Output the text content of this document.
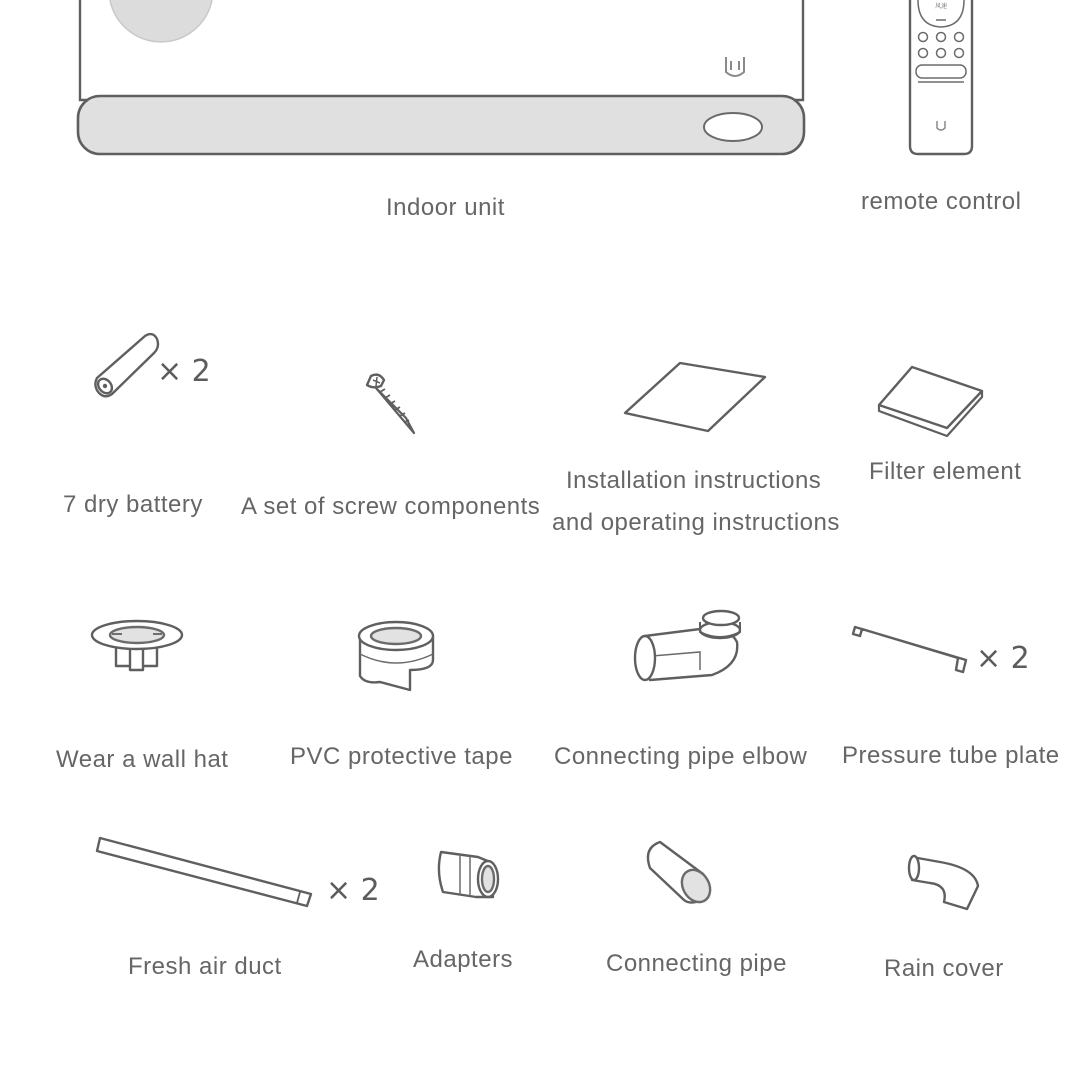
风速
Indoor unit	remote control
7 dry battery
× 2
A set of screw components
Installation instructions
and operating instructions
Filter element
Wear a wall hat	PVC protective tape Connecting pipe elbow Pressure tube plate
× 2
Fresh air duct
× 2
Adapters	Connecting pipe	Rain cover
